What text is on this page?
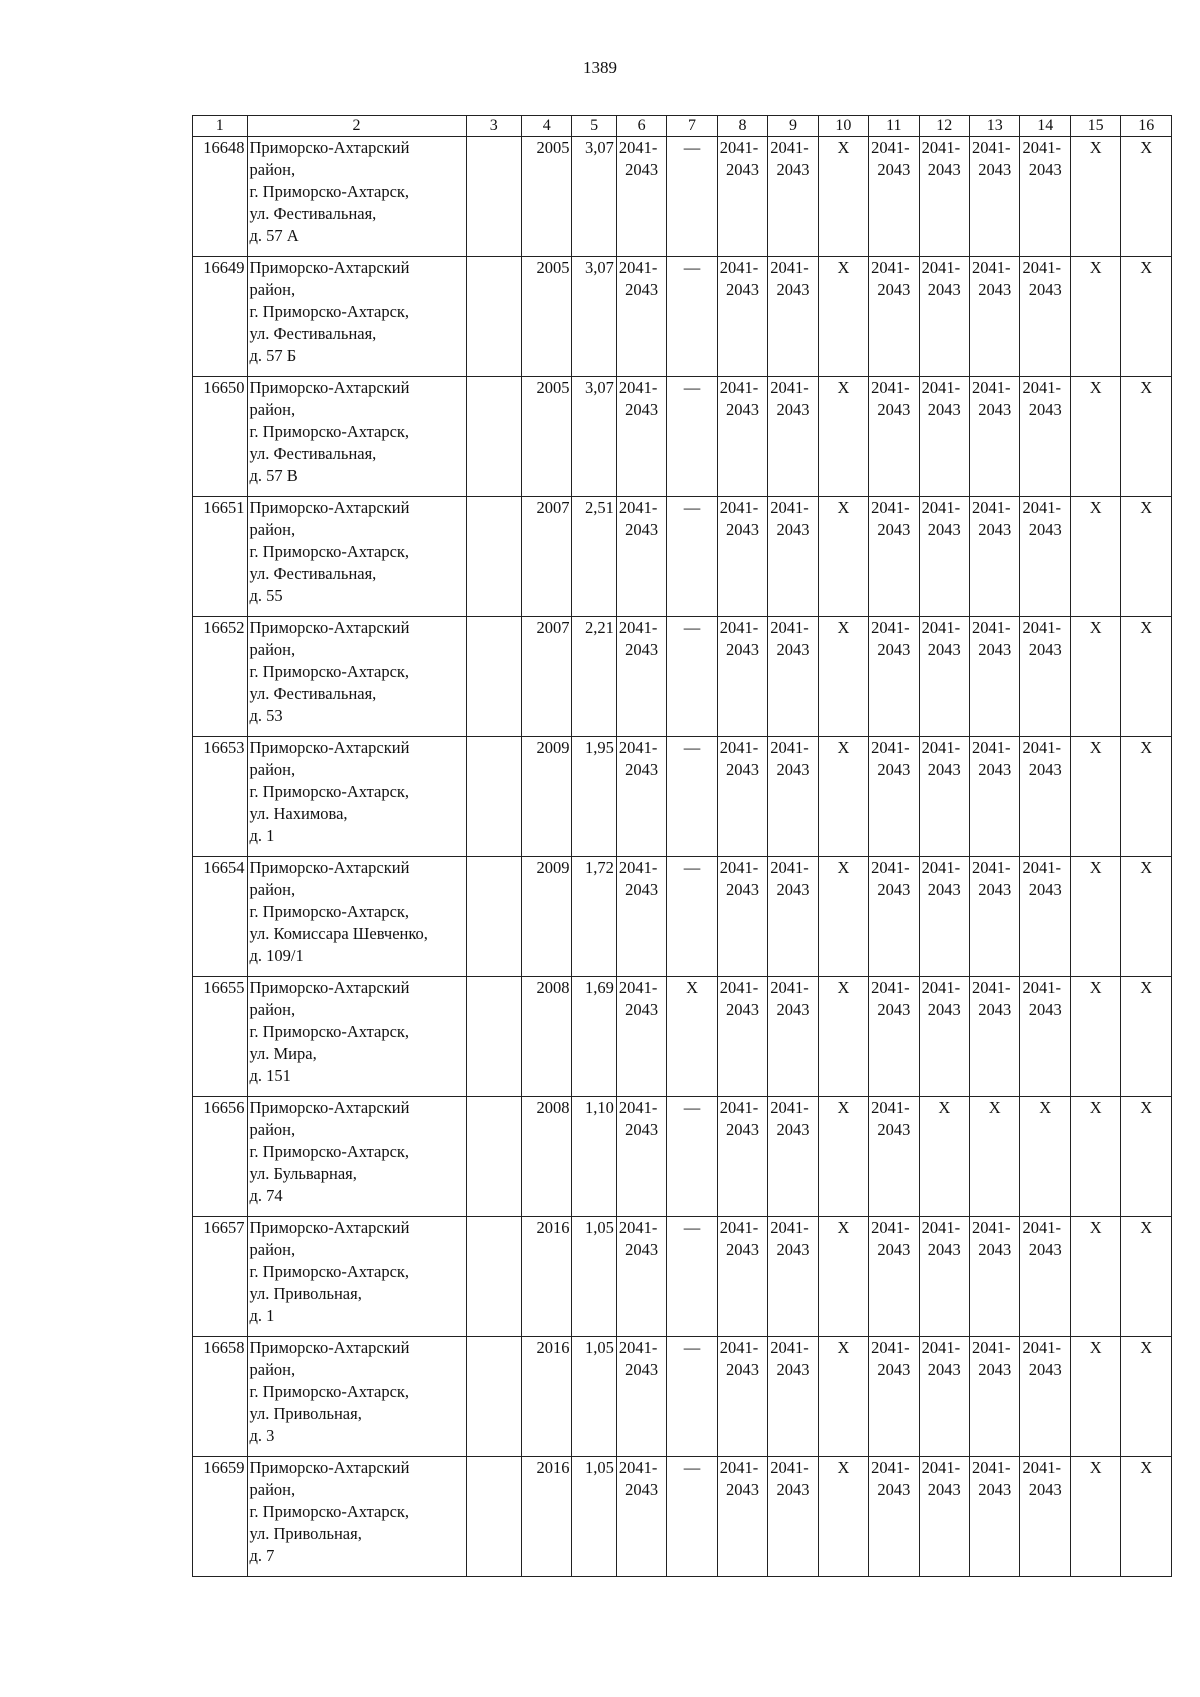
1389
1	2	3	4	5	6	7	8	9	10	11	12	13	14	15	16
16648	Приморско-Ахтарский
район,
г. Приморско-Ахтарск,
ул. Фестивальная,
д. 57 А		2005	3,07	2041-
2043	—	2041-
2043	2041-
2043	X	2041-
2043	2041-
2043	2041-
2043	2041-
2043	X	X
16649	Приморско-Ахтарский
район,
г. Приморско-Ахтарск,
ул. Фестивальная,
д. 57 Б		2005	3,07	2041-
2043	—	2041-
2043	2041-
2043	X	2041-
2043	2041-
2043	2041-
2043	2041-
2043	X	X
16650	Приморско-Ахтарский
район,
г. Приморско-Ахтарск,
ул. Фестивальная,
д. 57 В		2005	3,07	2041-
2043	—	2041-
2043	2041-
2043	X	2041-
2043	2041-
2043	2041-
2043	2041-
2043	X	X
16651	Приморско-Ахтарский
район,
г. Приморско-Ахтарск,
ул. Фестивальная,
д. 55		2007	2,51	2041-
2043	—	2041-
2043	2041-
2043	X	2041-
2043	2041-
2043	2041-
2043	2041-
2043	X	X
16652	Приморско-Ахтарский
район,
г. Приморско-Ахтарск,
ул. Фестивальная,
д. 53		2007	2,21	2041-
2043	—	2041-
2043	2041-
2043	X	2041-
2043	2041-
2043	2041-
2043	2041-
2043	X	X
16653	Приморско-Ахтарский
район,
г. Приморско-Ахтарск,
ул. Нахимова,
д. 1		2009	1,95	2041-
2043	—	2041-
2043	2041-
2043	X	2041-
2043	2041-
2043	2041-
2043	2041-
2043	X	X
16654	Приморско-Ахтарский
район,
г. Приморско-Ахтарск,
ул. Комиссара Шевченко,
д. 109/1		2009	1,72	2041-
2043	—	2041-
2043	2041-
2043	X	2041-
2043	2041-
2043	2041-
2043	2041-
2043	X	X
16655	Приморско-Ахтарский
район,
г. Приморско-Ахтарск,
ул. Мира,
д. 151		2008	1,69	2041-
2043	X	2041-
2043	2041-
2043	X	2041-
2043	2041-
2043	2041-
2043	2041-
2043	X	X
16656	Приморско-Ахтарский
район,
г. Приморско-Ахтарск,
ул. Бульварная,
д. 74		2008	1,10	2041-
2043	—	2041-
2043	2041-
2043	X	2041-
2043	X	X	X	X	X
16657	Приморско-Ахтарский
район,
г. Приморско-Ахтарск,
ул. Привольная,
д. 1		2016	1,05	2041-
2043	—	2041-
2043	2041-
2043	X	2041-
2043	2041-
2043	2041-
2043	2041-
2043	X	X
16658	Приморско-Ахтарский
район,
г. Приморско-Ахтарск,
ул. Привольная,
д. 3		2016	1,05	2041-
2043	—	2041-
2043	2041-
2043	X	2041-
2043	2041-
2043	2041-
2043	2041-
2043	X	X
16659	Приморско-Ахтарский
район,
г. Приморско-Ахтарск,
ул. Привольная,
д. 7		2016	1,05	2041-
2043	—	2041-
2043	2041-
2043	X	2041-
2043	2041-
2043	2041-
2043	2041-
2043	X	X
